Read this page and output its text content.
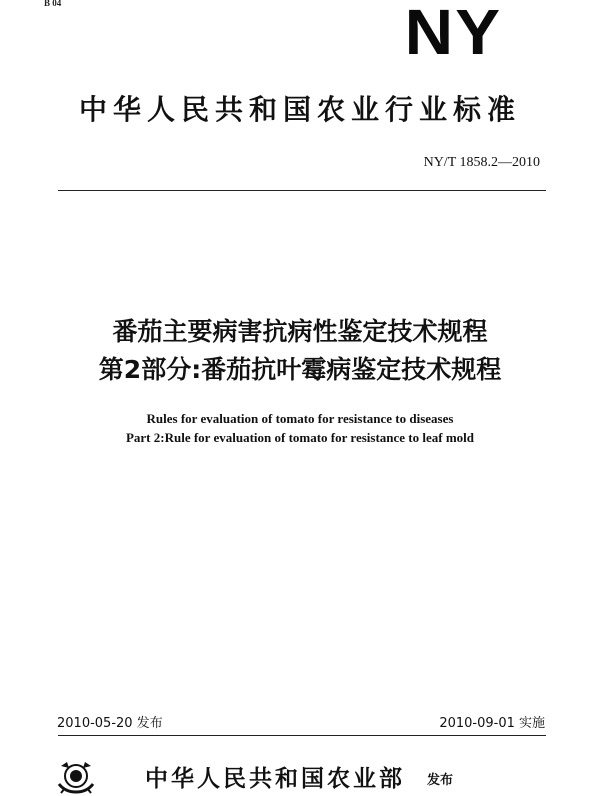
B 04	NY
中华人民共和国农业行业标准
NY/T 1858.2—2010
番茄主要病害抗病性鉴定技术规程
第2部分:番茄抗叶霉病鉴定技术规程
Rules for evaluation of tomato for resistance to diseases
Part 2:Rule for evaluation of tomato for resistance to leaf mold
2010-05-20 发布	2010-09-01 实施
中华人民共和国农业部 发布
